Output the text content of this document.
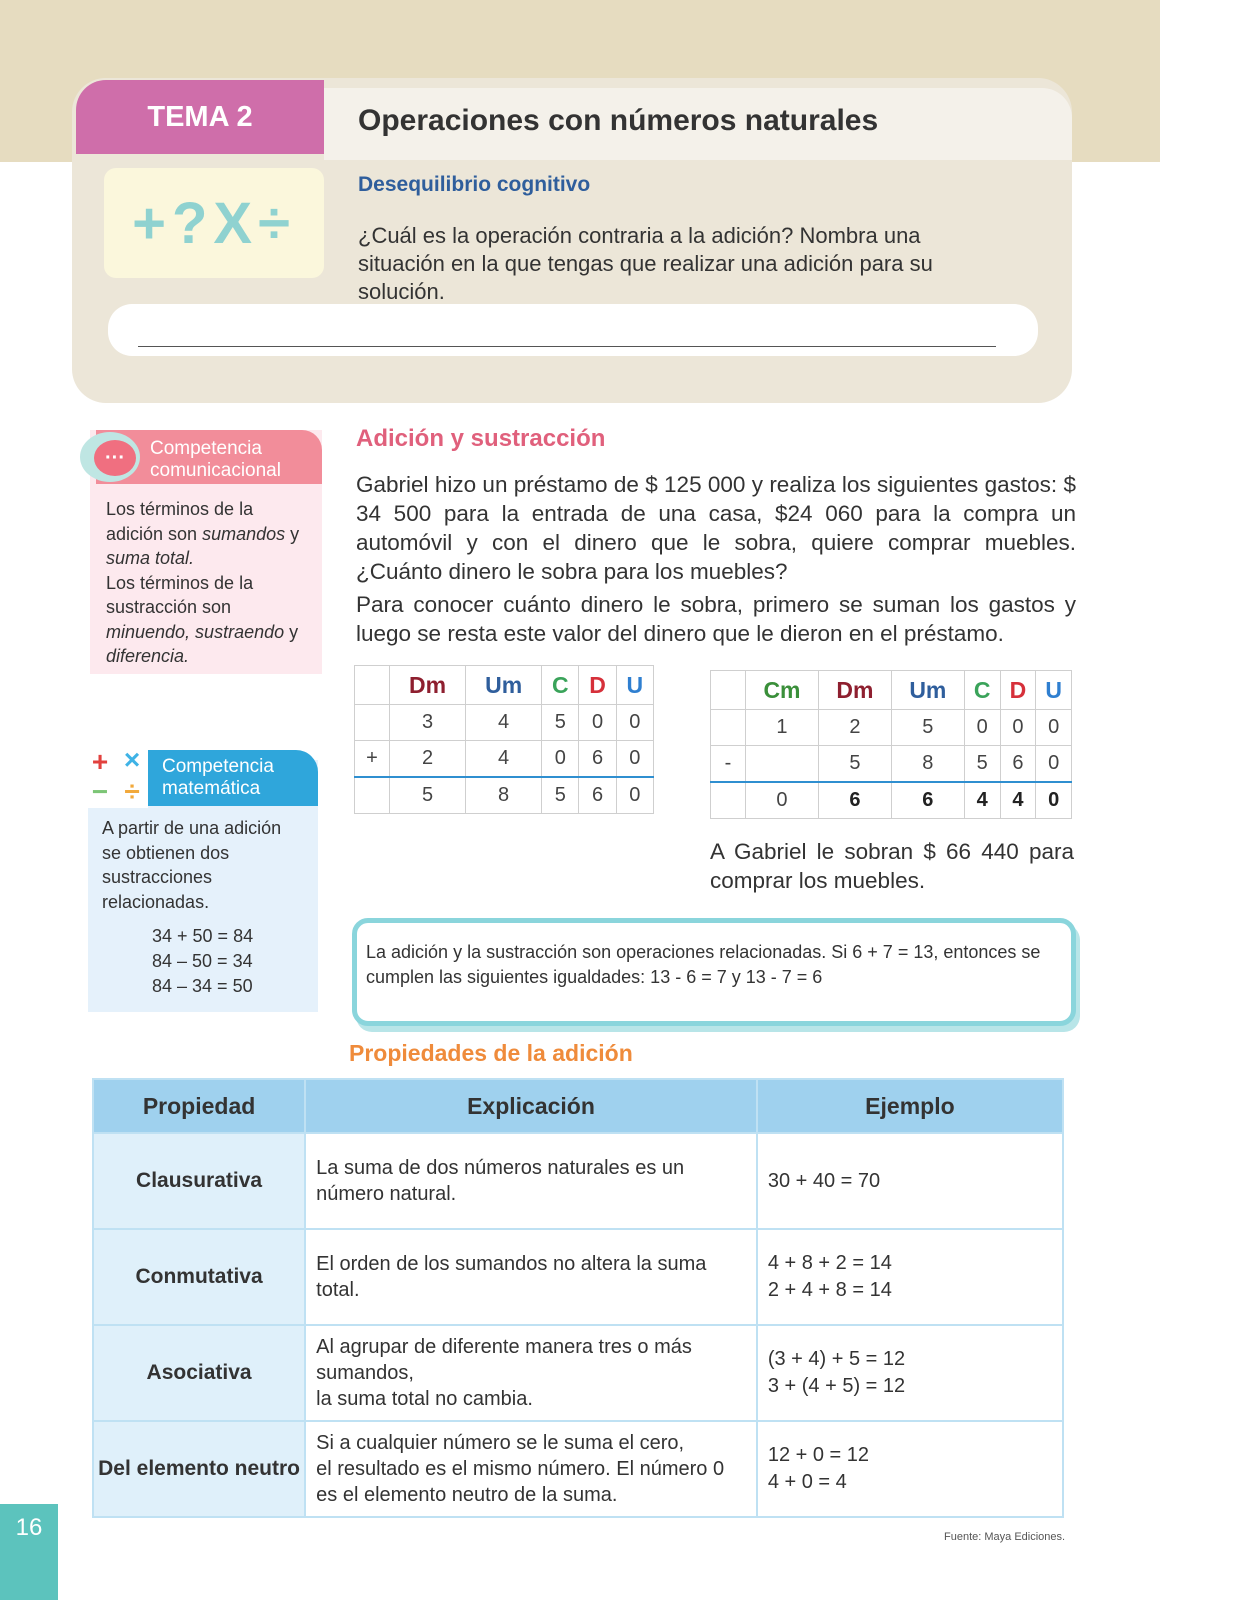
TEMA 2	Operaciones con números naturales
+?X÷
Desequilibrio cognitivo
¿Cuál es la operación contraria a la adición? Nombra una situación en la que tengas que realizar una adición para su solución.
···	Competencia comunicacional
Los términos de la adición son sumandos y suma total.
Los términos de la sustracción son minuendo, sustraendo y diferencia.
+ ×
− ÷
Competencia matemática
A partir de una adición se obtienen dos sustracciones relacionadas.
34 + 50 = 84
84 – 50 = 34
84 – 34 = 50
Adición y sustracción
Gabriel hizo un préstamo de $ 125 000 y realiza los siguientes gastos: $ 34 500 para la entrada de una casa, $24 060 para la compra un automóvil y con el dinero que le sobra, quiere comprar muebles. ¿Cuánto dinero le sobra para los muebles?
Para conocer cuánto dinero le sobra, primero se suman los gastos y luego se resta este valor del dinero que le dieron en el préstamo.
	Dm	Um	C	D	U
	3	4	5	0	0
+	2	4	0	6	0
	5	8	5	6	0
	Cm	Dm	Um	C	D	U
	1	2	5	0	0	0
-		5	8	5	6	0
	0	6	6	4	4	0
A Gabriel le sobran $ 66 440 para comprar los muebles.
La adición y la sustracción son operaciones relacionadas. Si 6 + 7 = 13, entonces se cumplen las siguientes igualdades: 13 - 6 = 7 y 13 - 7 = 6
Propiedades de la adición
Propiedad	Explicación	Ejemplo
Clausurativa	La suma de dos números naturales es un número natural.	30 + 40 = 70
Conmutativa	El orden de los sumandos no altera la suma total.	4 + 8 + 2 = 14
2 + 4 + 8 = 14
Asociativa	Al agrupar de diferente manera tres o más sumandos,
la suma total no cambia.	(3 + 4) + 5 = 12
3 + (4 + 5) = 12
Del elemento neutro	Si a cualquier número se le suma el cero,
el resultado es el mismo número. El número 0
es el elemento neutro de la suma.	12 + 0 = 12
4 + 0 = 4
16	Fuente: Maya Ediciones.
